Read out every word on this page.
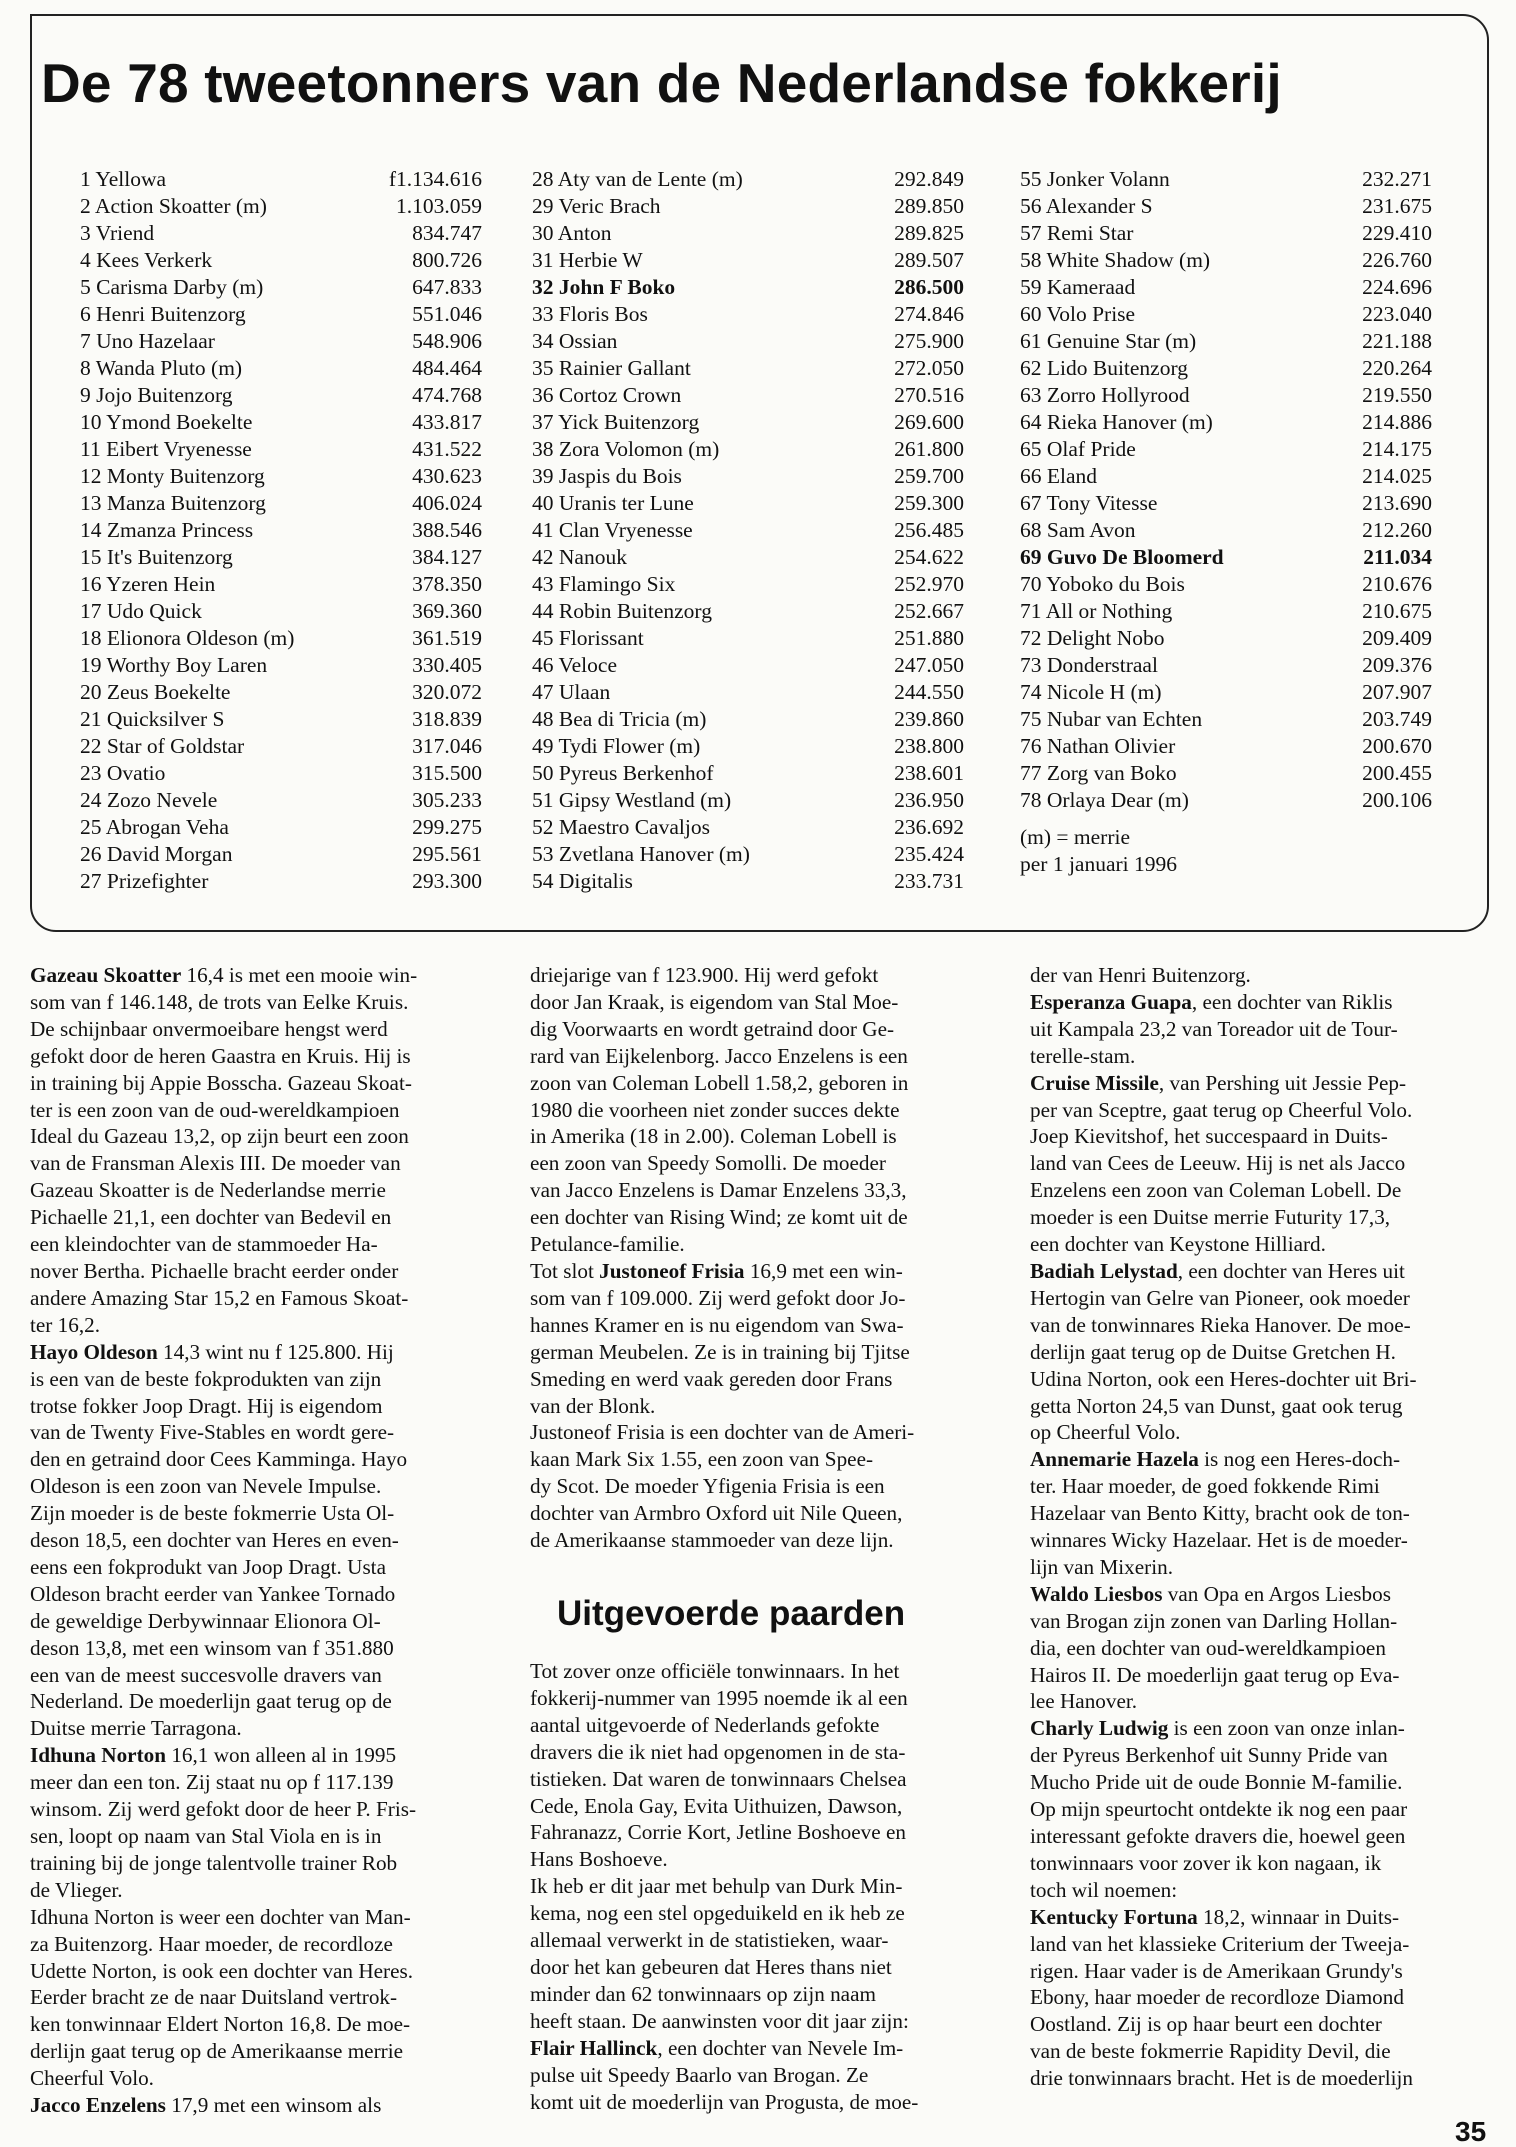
De 78 tweetonners van de Nederlandse fokkerij
1 Yellowa	f1.134.616
2 Action Skoatter (m)	1.103.059
3 Vriend	834.747
4 Kees Verkerk	800.726
5 Carisma Darby (m)	647.833
6 Henri Buitenzorg	551.046
7 Uno Hazelaar	548.906
8 Wanda Pluto (m)	484.464
9 Jojo Buitenzorg	474.768
10 Ymond Boekelte	433.817
11 Eibert Vryenesse	431.522
12 Monty Buitenzorg	430.623
13 Manza Buitenzorg	406.024
14 Zmanza Princess	388.546
15 It's Buitenzorg	384.127
16 Yzeren Hein	378.350
17 Udo Quick	369.360
18 Elionora Oldeson (m)	361.519
19 Worthy Boy Laren	330.405
20 Zeus Boekelte	320.072
21 Quicksilver S	318.839
22 Star of Goldstar	317.046
23 Ovatio	315.500
24 Zozo Nevele	305.233
25 Abrogan Veha	299.275
26 David Morgan	295.561
27 Prizefighter	293.300
28 Aty van de Lente (m)	292.849
29 Veric Brach	289.850
30 Anton	289.825
31 Herbie W	289.507
32 John F Boko	286.500
33 Floris Bos	274.846
34 Ossian	275.900
35 Rainier Gallant	272.050
36 Cortoz Crown	270.516
37 Yick Buitenzorg	269.600
38 Zora Volomon (m)	261.800
39 Jaspis du Bois	259.700
40 Uranis ter Lune	259.300
41 Clan Vryenesse	256.485
42 Nanouk	254.622
43 Flamingo Six	252.970
44 Robin Buitenzorg	252.667
45 Florissant	251.880
46 Veloce	247.050
47 Ulaan	244.550
48 Bea di Tricia (m)	239.860
49 Tydi Flower (m)	238.800
50 Pyreus Berkenhof	238.601
51 Gipsy Westland (m)	236.950
52 Maestro Cavaljos	236.692
53 Zvetlana Hanover (m)	235.424
54 Digitalis	233.731
55 Jonker Volann	232.271
56 Alexander S	231.675
57 Remi Star	229.410
58 White Shadow (m)	226.760
59 Kameraad	224.696
60 Volo Prise	223.040
61 Genuine Star (m)	221.188
62 Lido Buitenzorg	220.264
63 Zorro Hollyrood	219.550
64 Rieka Hanover (m)	214.886
65 Olaf Pride	214.175
66 Eland	214.025
67 Tony Vitesse	213.690
68 Sam Avon	212.260
69 Guvo De Bloomerd	211.034
70 Yoboko du Bois	210.676
71 All or Nothing	210.675
72 Delight Nobo	209.409
73 Donderstraal	209.376
74 Nicole H (m)	207.907
75 Nubar van Echten	203.749
76 Nathan Olivier	200.670
77 Zorg van Boko	200.455
78 Orlaya Dear (m)	200.106
(m) = merrie
per 1 januari 1996

Gazeau Skoatter 16,4 is met een mooie win-

som van f 146.148, de trots van Eelke Kruis.

De schijnbaar onvermoeibare hengst werd

gefokt door de heren Gaastra en Kruis. Hij is

in training bij Appie Bosscha. Gazeau Skoat-

ter is een zoon van de oud-wereldkampioen

Ideal du Gazeau 13,2, op zijn beurt een zoon

van de Fransman Alexis III. De moeder van

Gazeau Skoatter is de Nederlandse merrie

Pichaelle 21,1, een dochter van Bedevil en

een kleindochter van de stammoeder Ha-

nover Bertha. Pichaelle bracht eerder onder

andere Amazing Star 15,2 en Famous Skoat-

ter 16,2.

Hayo Oldeson 14,3 wint nu f 125.800. Hij

is een van de beste fokprodukten van zijn

trotse fokker Joop Dragt. Hij is eigendom

van de Twenty Five-Stables en wordt gere-

den en getraind door Cees Kamminga. Hayo

Oldeson is een zoon van Nevele Impulse.

Zijn moeder is de beste fokmerrie Usta Ol-

deson 18,5, een dochter van Heres en even-

eens een fokprodukt van Joop Dragt. Usta

Oldeson bracht eerder van Yankee Tornado

de geweldige Derbywinnaar Elionora Ol-

deson 13,8, met een winsom van f 351.880

een van de meest succesvolle dravers van

Nederland. De moederlijn gaat terug op de

Duitse merrie Tarragona.

Idhuna Norton 16,1 won alleen al in 1995

meer dan een ton. Zij staat nu op f 117.139

winsom. Zij werd gefokt door de heer P. Fris-

sen, loopt op naam van Stal Viola en is in

training bij de jonge talentvolle trainer Rob

de Vlieger.

Idhuna Norton is weer een dochter van Man-

za Buitenzorg. Haar moeder, de recordloze

Udette Norton, is ook een dochter van Heres.

Eerder bracht ze de naar Duitsland vertrok-

ken tonwinnaar Eldert Norton 16,8. De moe-

derlijn gaat terug op de Amerikaanse merrie

Cheerful Volo.

Jacco Enzelens 17,9 met een winsom als

driejarige van f 123.900. Hij werd gefokt

door Jan Kraak, is eigendom van Stal Moe-

dig Voorwaarts en wordt getraind door Ge-

rard van Eijkelenborg. Jacco Enzelens is een

zoon van Coleman Lobell 1.58,2, geboren in

1980 die voorheen niet zonder succes dekte

in Amerika (18 in 2.00). Coleman Lobell is

een zoon van Speedy Somolli. De moeder

van Jacco Enzelens is Damar Enzelens 33,3,

een dochter van Rising Wind; ze komt uit de

Petulance-familie.

Tot slot Justoneof Frisia 16,9 met een win-

som van f 109.000. Zij werd gefokt door Jo-

hannes Kramer en is nu eigendom van Swa-

german Meubelen. Ze is in training bij Tjitse

Smeding en werd vaak gereden door Frans

van der Blonk.

Justoneof Frisia is een dochter van de Ameri-

kaan Mark Six 1.55, een zoon van Spee-

dy Scot. De moeder Yfigenia Frisia is een

dochter van Armbro Oxford uit Nile Queen,

de Amerikaanse stammoeder van deze lijn.

Uitgevoerde paarden

Tot zover onze officiële tonwinnaars. In het

fokkerij-nummer van 1995 noemde ik al een

aantal uitgevoerde of Nederlands gefokte

dravers die ik niet had opgenomen in de sta-

tistieken. Dat waren de tonwinnaars Chelsea

Cede, Enola Gay, Evita Uithuizen, Dawson,

Fahranazz, Corrie Kort, Jetline Boshoeve en

Hans Boshoeve.

Ik heb er dit jaar met behulp van Durk Min-

kema, nog een stel opgeduikeld en ik heb ze

allemaal verwerkt in de statistieken, waar-

door het kan gebeuren dat Heres thans niet

minder dan 62 tonwinnaars op zijn naam

heeft staan. De aanwinsten voor dit jaar zijn:

Flair Hallinck, een dochter van Nevele Im-

pulse uit Speedy Baarlo van Brogan. Ze

komt uit de moederlijn van Progusta, de moe-

der van Henri Buitenzorg.

Esperanza Guapa, een dochter van Riklis

uit Kampala 23,2 van Toreador uit de Tour-

terelle-stam.

Cruise Missile, van Pershing uit Jessie Pep-

per van Sceptre, gaat terug op Cheerful Volo.

Joep Kievitshof, het succespaard in Duits-

land van Cees de Leeuw. Hij is net als Jacco

Enzelens een zoon van Coleman Lobell. De

moeder is een Duitse merrie Futurity 17,3,

een dochter van Keystone Hilliard.

Badiah Lelystad, een dochter van Heres uit

Hertogin van Gelre van Pioneer, ook moeder

van de tonwinnares Rieka Hanover. De moe-

derlijn gaat terug op de Duitse Gretchen H.

Udina Norton, ook een Heres-dochter uit Bri-

getta Norton 24,5 van Dunst, gaat ook terug

op Cheerful Volo.

Annemarie Hazela is nog een Heres-doch-

ter. Haar moeder, de goed fokkende Rimi

Hazelaar van Bento Kitty, bracht ook de ton-

winnares Wicky Hazelaar. Het is de moeder-

lijn van Mixerin.

Waldo Liesbos van Opa en Argos Liesbos

van Brogan zijn zonen van Darling Hollan-

dia, een dochter van oud-wereldkampioen

Hairos II. De moederlijn gaat terug op Eva-

lee Hanover.

Charly Ludwig is een zoon van onze inlan-

der Pyreus Berkenhof uit Sunny Pride van

Mucho Pride uit de oude Bonnie M-familie.

Op mijn speurtocht ontdekte ik nog een paar

interessant gefokte dravers die, hoewel geen

tonwinnaars voor zover ik kon nagaan, ik

toch wil noemen:

Kentucky Fortuna 18,2, winnaar in Duits-

land van het klassieke Criterium der Tweeja-

rigen. Haar vader is de Amerikaan Grundy's

Ebony, haar moeder de recordloze Diamond

Oostland. Zij is op haar beurt een dochter

van de beste fokmerrie Rapidity Devil, die

drie tonwinnaars bracht. Het is de moederlijn

35
